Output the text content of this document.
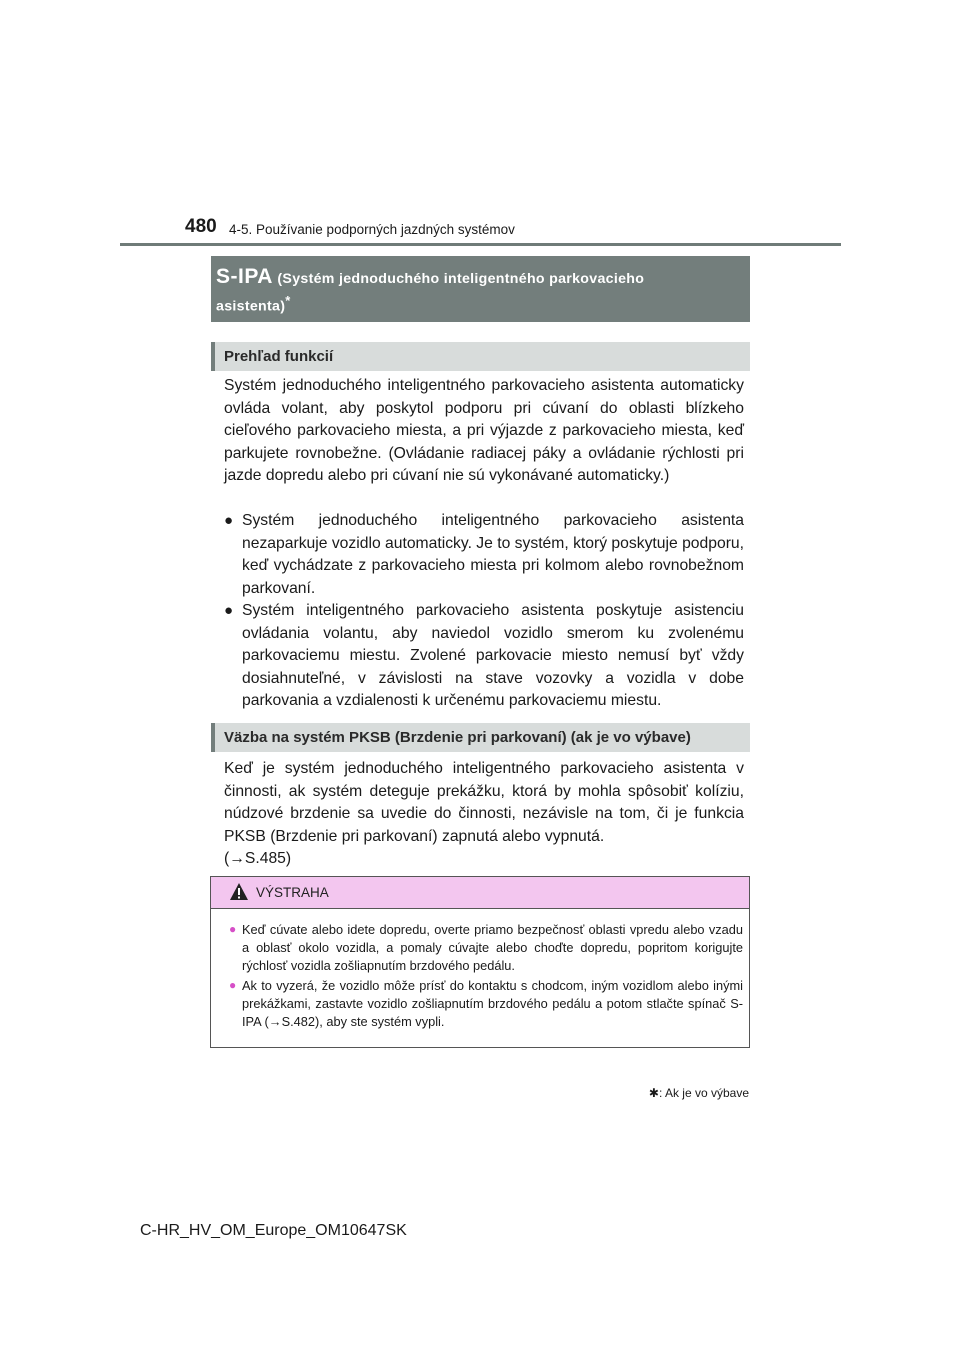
480 4-5. Používanie podporných jazdných systémov
S-IPA (Systém jednoduchého inteligentného parkovacieho
asistenta)*
Prehľad funkcií
Systém jednoduchého inteligentného parkovacieho asistenta automaticky ovláda volant, aby poskytol podporu pri cúvaní do oblasti blízkeho cieľového parkovacieho miesta, a pri výjazde z parkovacieho miesta, keď parkujete rovnobežne. (Ovládanie radiacej páky a ovládanie rýchlosti pri jazde dopredu alebo pri cúvaní nie sú vykonávané automaticky.)
● Systém jednoduchého inteligentného parkovacieho asistenta nezaparkuje vozidlo automaticky. Je to systém, ktorý poskytuje podporu, keď vychádzate z parkovacieho miesta pri kolmom alebo rovnobežnom parkovaní.
● Systém inteligentného parkovacieho asistenta poskytuje asistenciu ovládania volantu, aby naviedol vozidlo smerom ku zvolenému parkovaciemu miestu. Zvolené parkovacie miesto nemusí byť vždy dosiahnuteľné, v závislosti na stave vozovky a vozidla v dobe parkovania a vzdialenosti k určenému parkovaciemu miestu.
Väzba na systém PKSB (Brzdenie pri parkovaní) (ak je vo výbave)
Keď je systém jednoduchého inteligentného parkovacieho asistenta v činnosti, ak systém deteguje prekážku, ktorá by mohla spôsobiť kolíziu, núdzové brzdenie sa uvedie do činnosti, nezávisle na tom, či je funkcia PKSB (Brzdenie pri parkovaní) zapnutá alebo vypnutá.
(→S.485)
VÝSTRAHA
● Keď cúvate alebo idete dopredu, overte priamo bezpečnosť oblasti vpredu alebo vzadu a oblasť okolo vozidla, a pomaly cúvajte alebo choďte dopredu, popritom korigujte rýchlosť vozidla zošliapnutím brzdového pedálu.
● Ak to vyzerá, že vozidlo môže prísť do kontaktu s chodcom, iným vozidlom alebo inými prekážkami, zastavte vozidlo zošliapnutím brzdového pedálu a potom stlačte spínač S-IPA (→S.482), aby ste systém vypli.
✱: Ak je vo výbave
C-HR_HV_OM_Europe_OM10647SK
